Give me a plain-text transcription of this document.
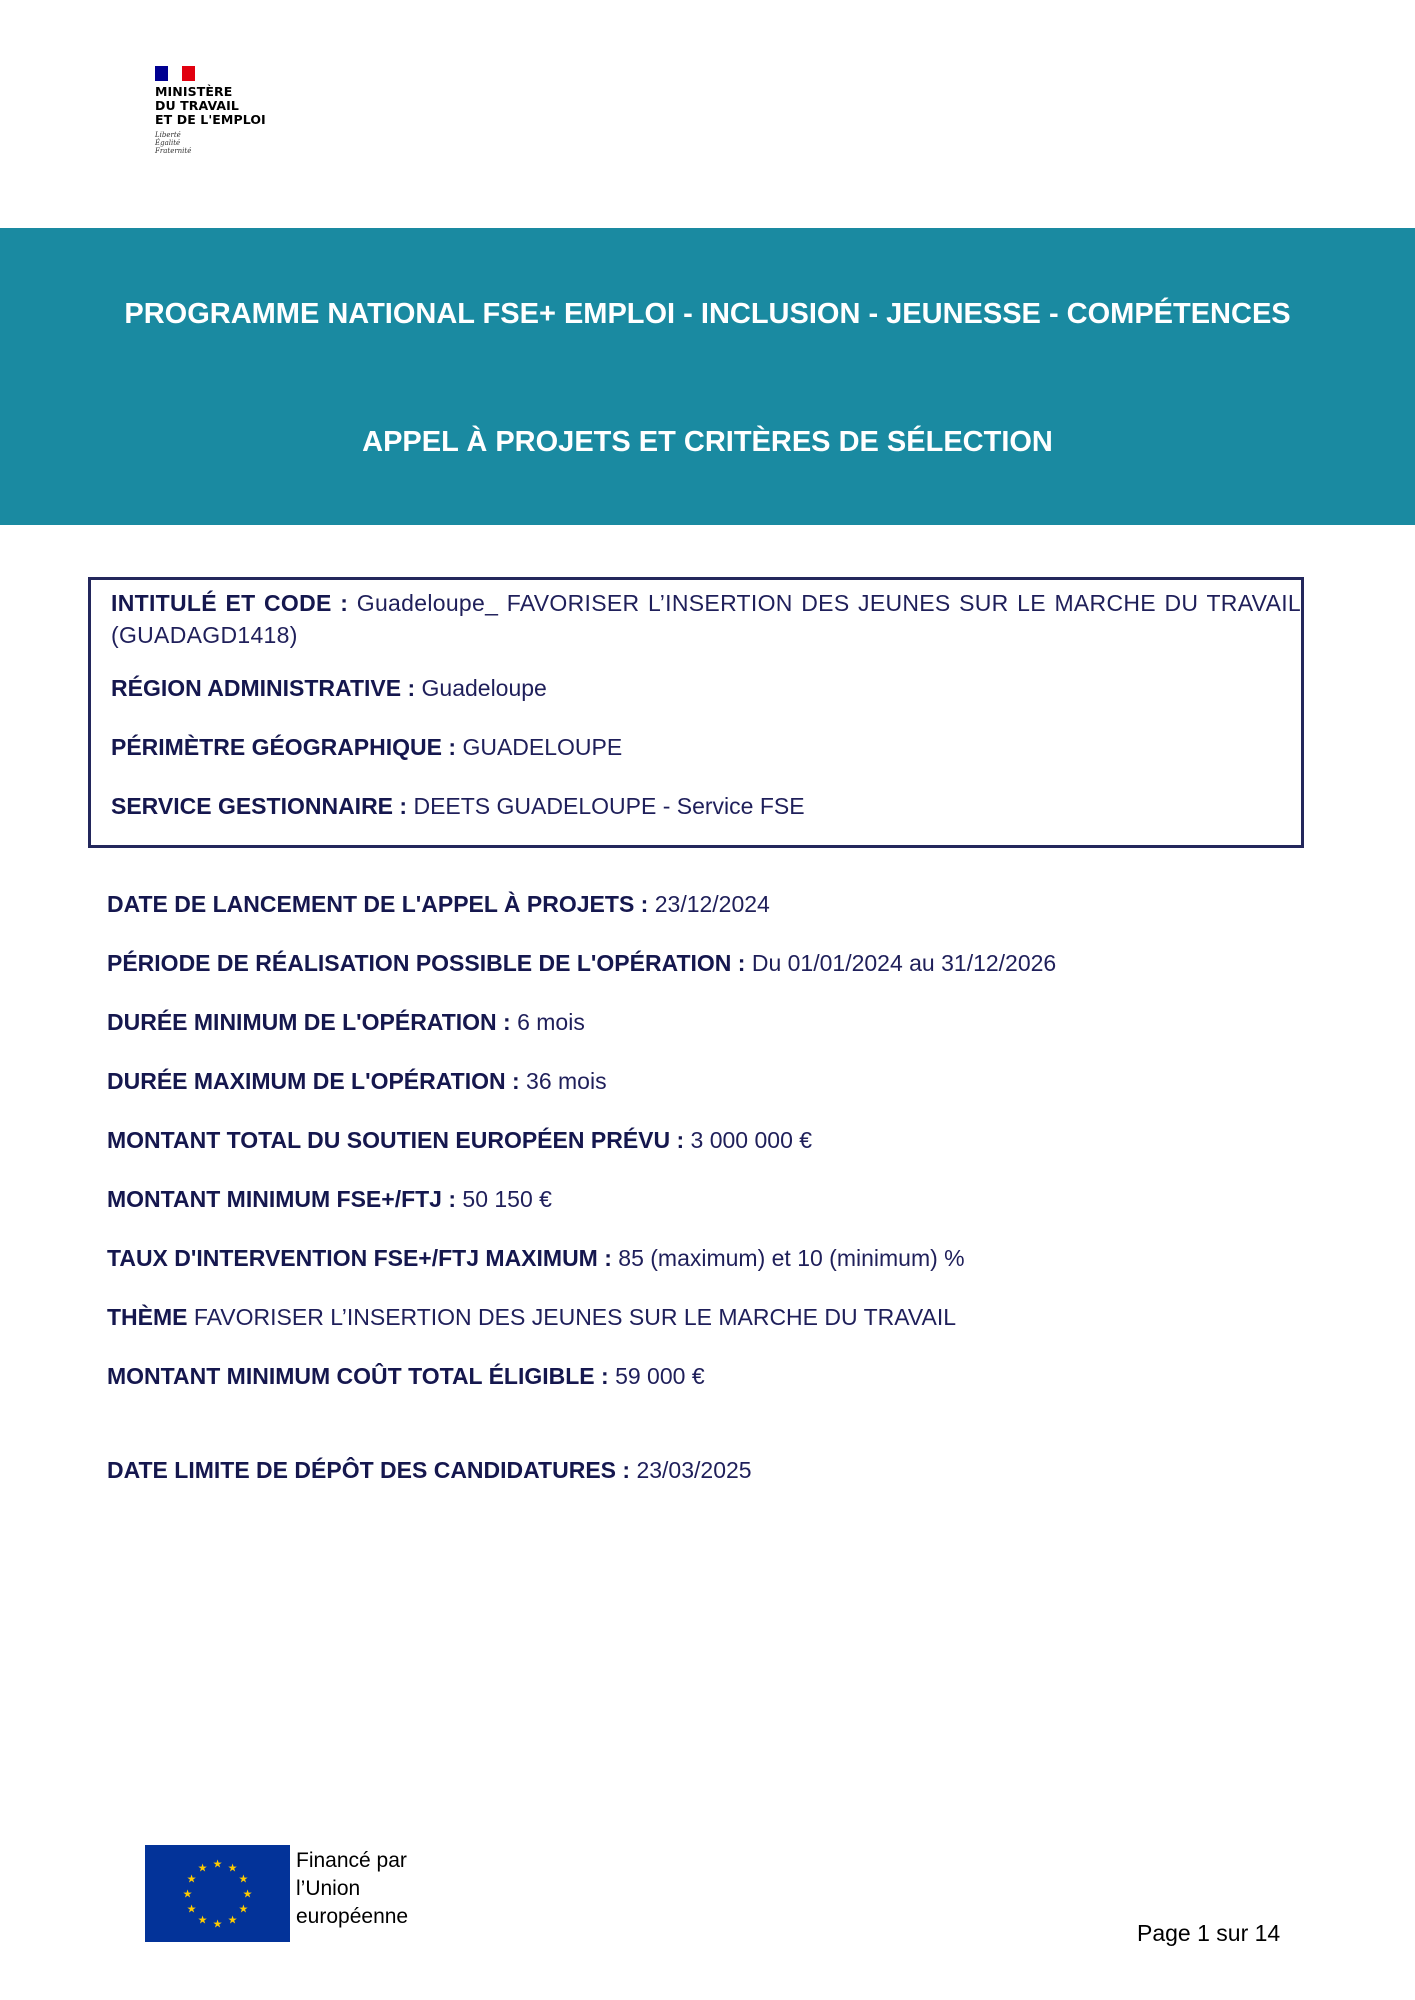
MINISTÈRE
DU TRAVAIL
ET DE L'EMPLOI
Liberté
Égalité
Fraternité
PROGRAMME NATIONAL FSE+ EMPLOI - INCLUSION - JEUNESSE - COMPÉTENCES
APPEL À PROJETS ET CRITÈRES DE SÉLECTION
INTITULÉ ET CODE : Guadeloupe_ FAVORISER L’INSERTION DES JEUNES SUR LE MARCHE DU TRAVAIL (GUADAGD1418)
RÉGION ADMINISTRATIVE : Guadeloupe
PÉRIMÈTRE GÉOGRAPHIQUE : GUADELOUPE
SERVICE GESTIONNAIRE : DEETS GUADELOUPE - Service FSE
DATE DE LANCEMENT DE L'APPEL À PROJETS : 23/12/2024
PÉRIODE DE RÉALISATION POSSIBLE DE L'OPÉRATION : Du 01/01/2024 au 31/12/2026
DURÉE MINIMUM DE L'OPÉRATION : 6 mois
DURÉE MAXIMUM DE L'OPÉRATION : 36 mois
MONTANT TOTAL DU SOUTIEN EUROPÉEN PRÉVU : 3 000 000 €
MONTANT MINIMUM FSE+/FTJ : 50 150 €
TAUX D'INTERVENTION FSE+/FTJ MAXIMUM : 85 (maximum) et 10 (minimum) %
THÈME FAVORISER L’INSERTION DES JEUNES SUR LE MARCHE DU TRAVAIL
MONTANT MINIMUM COÛT TOTAL ÉLIGIBLE : 59 000 €
DATE LIMITE DE DÉPÔT DES CANDIDATURES : 23/03/2025
★ ★
★
★
★
★
★
★
★
★
★
★	Financé par
l’Union
européenne
Page 1 sur 14
